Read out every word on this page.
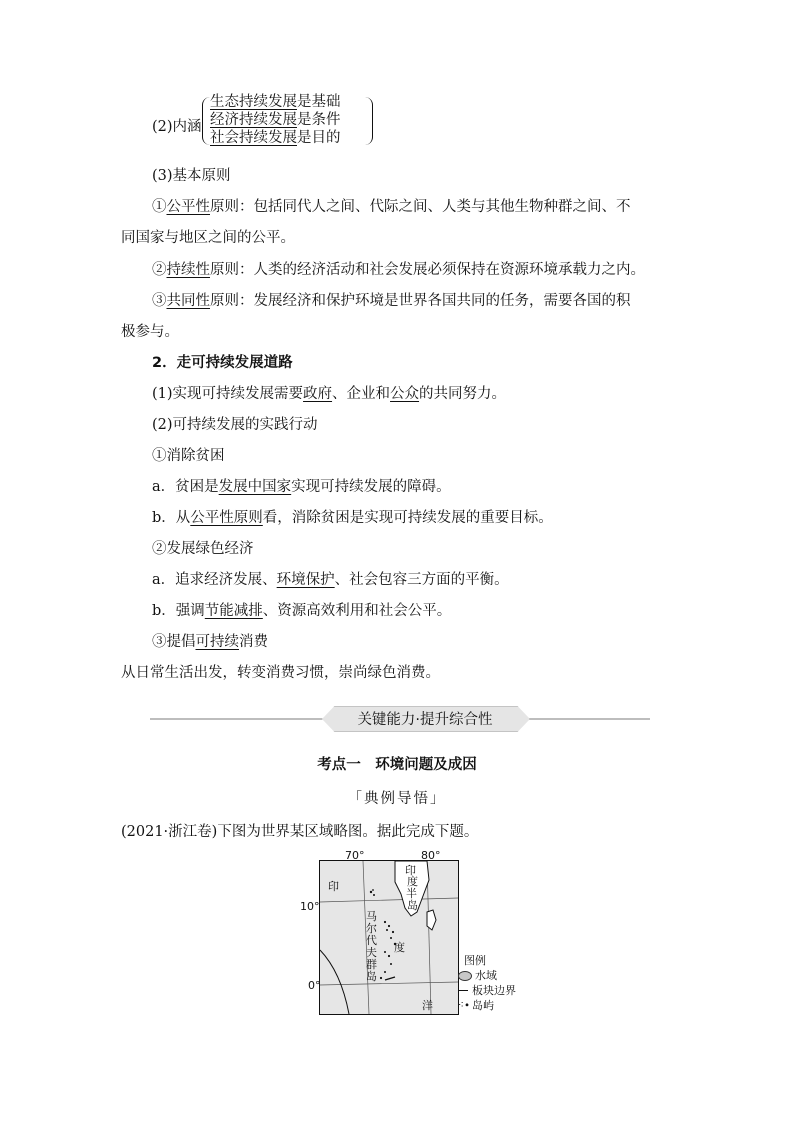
(2)内涵
生态持续发展是基础
经济持续发展是条件
社会持续发展是目的
(3)基本原则
①公平性原则：包括同代人之间、代际之间、人类与其他生物种群之间、不
同国家与地区之间的公平。
②持续性原则：人类的经济活动和社会发展必须保持在资源环境承载力之内。
③共同性原则：发展经济和保护环境是世界各国共同的任务，需要各国的积
极参与。
2．走可持续发展道路
(1)实现可持续发展需要政府、企业和公众的共同努力。
(2)可持续发展的实践行动
①消除贫困
a．贫困是发展中国家实现可持续发展的障碍。
b．从公平性原则看，消除贫困是实现可持续发展的重要目标。
②发展绿色经济
a．追求经济发展、环境保护、社会包容三方面的平衡。
b．强调节能减排、资源高效利用和社会公平。
③提倡可持续消费
从日常生活出发，转变消费习惯，崇尚绿色消费。
关键能力·提升综合性
考点一　环境问题及成因
「典例导悟」
(2021·浙江卷)下图为世界某区域略图。据此完成下题。
70°	80°
10°
0°
印
度
半
岛
马
尔
代
夫
群
岛
印
度
洋
图例
水域
板块边界
⁖∙ 岛屿
